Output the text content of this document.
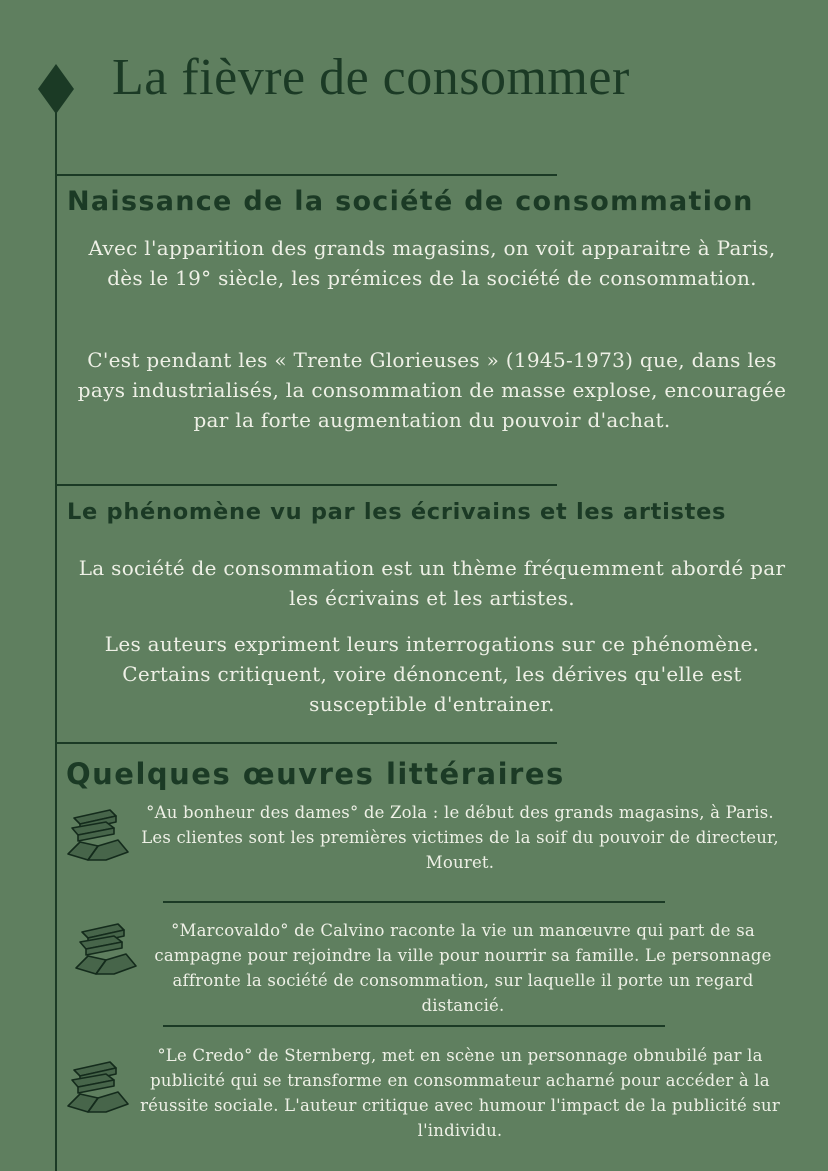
La fièvre de consommer
Naissance de la société de consommation
Avec l'apparition des grands magasins, on voit apparaitre à Paris, dès le 19° siècle, les prémices de la société de consommation.
C'est pendant les « Trente Glorieuses » (1945-1973) que, dans les pays industrialisés, la consommation de masse explose, encouragée par la forte augmentation du pouvoir d'achat.
Le phénomène vu par les écrivains et les artistes
La société de consommation est un thème fréquemment abordé par les écrivains et les artistes.
Les auteurs expriment leurs interrogations sur ce phénomène. Certains critiquent, voire dénoncent, les dérives qu'elle est susceptible d'entrainer.
Quelques œuvres littéraires
°Au bonheur des dames° de Zola : le début des grands magasins, à Paris. Les clientes sont les premières victimes de la soif du pouvoir de directeur, Mouret.
°Marcovaldo° de Calvino raconte la vie un manœuvre qui part de sa campagne pour rejoindre la ville pour nourrir sa famille. Le personnage affronte la société de consommation, sur laquelle il porte un regard distancié.
°Le Credo° de Sternberg, met en scène un personnage obnubilé par la publicité qui se transforme en consommateur acharné pour accéder à la réussite sociale. L'auteur critique avec humour l'impact de la publicité sur l'individu.
